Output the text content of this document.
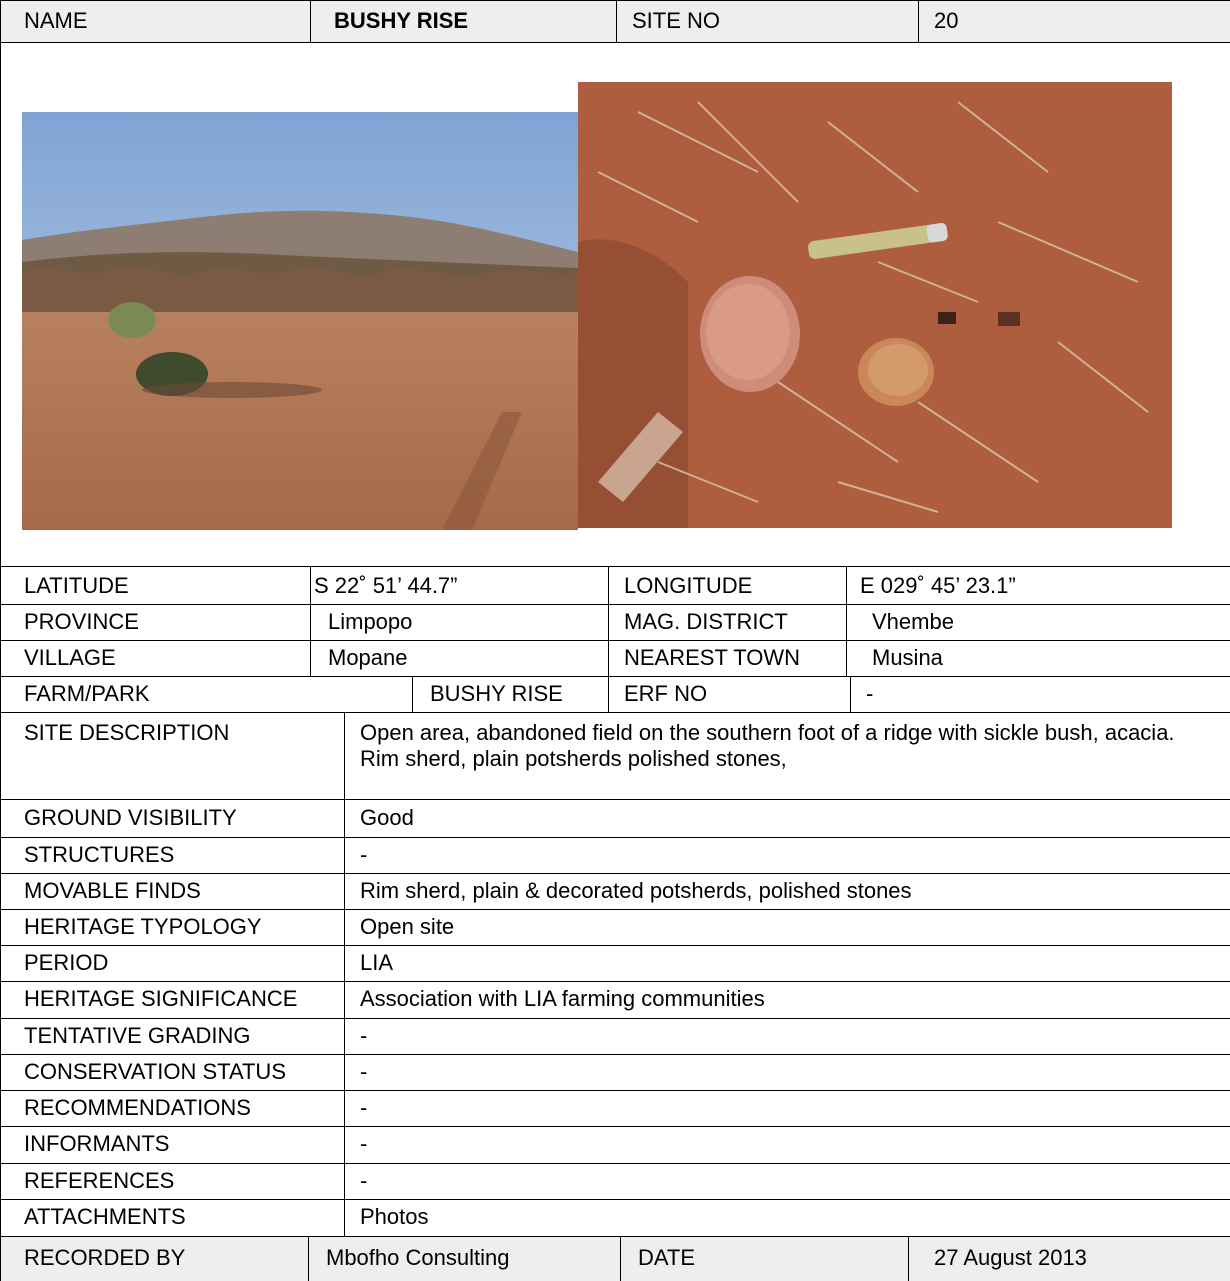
NAME	BUSHY RISE	SITE NO	20
LATITUDE	S 22˚ 51’ 44.7”	LONGITUDE	E 029˚ 45’ 23.1”
PROVINCE	Limpopo	MAG. DISTRICT	Vhembe
VILLAGE	Mopane	NEAREST TOWN	Musina
FARM/PARK	BUSHY RISE	ERF NO	-
SITE DESCRIPTION	Open area, abandoned field on the southern foot of a ridge with sickle bush, acacia. Rim sherd, plain potsherds polished stones,
GROUND VISIBILITY	Good
STRUCTURES	-
MOVABLE FINDS	Rim sherd, plain & decorated potsherds, polished stones
HERITAGE TYPOLOGY	Open site
PERIOD	LIA
HERITAGE SIGNIFICANCE	Association with LIA farming communities
TENTATIVE GRADING	-
CONSERVATION STATUS	-
RECOMMENDATIONS	-
INFORMANTS	-
REFERENCES	-
ATTACHMENTS	Photos
RECORDED BY	Mbofho Consulting	DATE	27 August 2013
